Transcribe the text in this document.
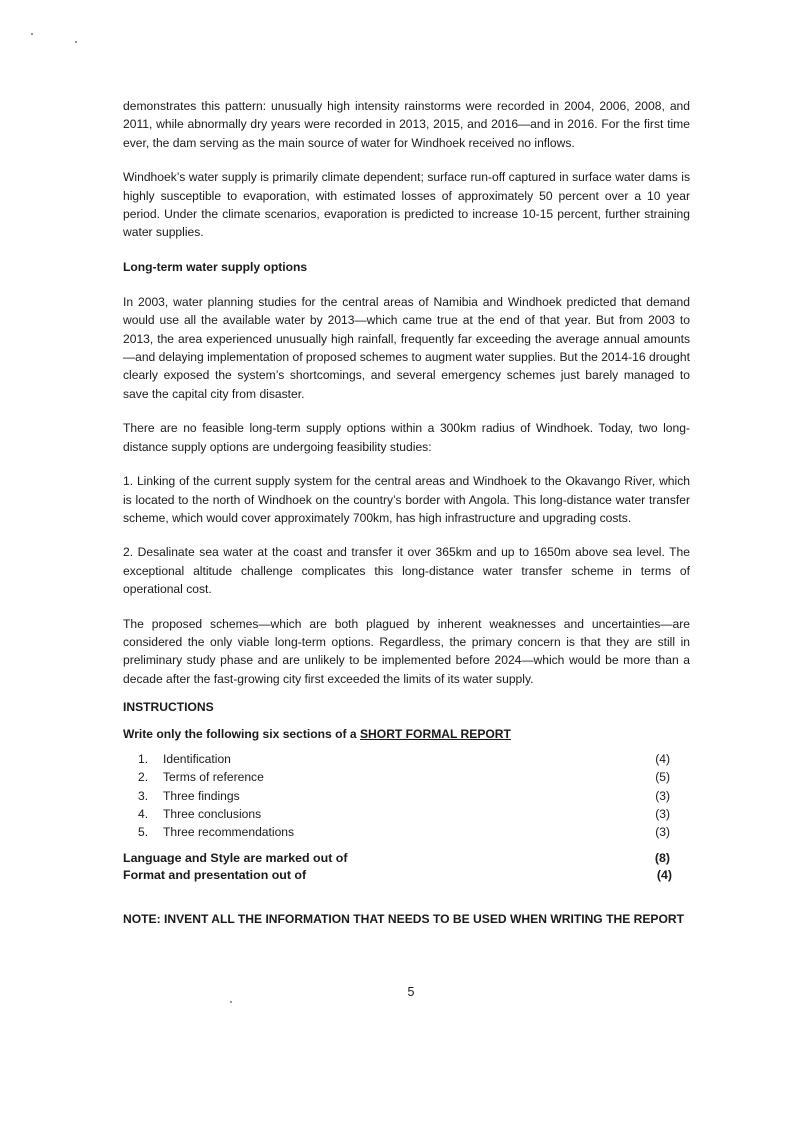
demonstrates this pattern: unusually high intensity rainstorms were recorded in 2004, 2006, 2008, and 2011, while abnormally dry years were recorded in 2013, 2015, and 2016—and in 2016. For the first time ever, the dam serving as the main source of water for Windhoek received no inflows.

Windhoek’s water supply is primarily climate dependent; surface run-off captured in surface water dams is highly susceptible to evaporation, with estimated losses of approximately 50 percent over a 10 year period. Under the climate scenarios, evaporation is predicted to increase 10-15 percent, further straining water supplies.

Long-term water supply options

In 2003, water planning studies for the central areas of Namibia and Windhoek predicted that demand would use all the available water by 2013—which came true at the end of that year. But from 2003 to 2013, the area experienced unusually high rainfall, frequently far exceeding the average annual amounts—and delaying implementation of proposed schemes to augment water supplies. But the 2014-16 drought clearly exposed the system’s shortcomings, and several emergency schemes just barely managed to save the capital city from disaster.

There are no feasible long-term supply options within a 300km radius of Windhoek. Today, two long-distance supply options are undergoing feasibility studies:

1. Linking of the current supply system for the central areas and Windhoek to the Okavango River, which is located to the north of Windhoek on the country’s border with Angola. This long-distance water transfer scheme, which would cover approximately 700km, has high infrastructure and upgrading costs.

2. Desalinate sea water at the coast and transfer it over 365km and up to 1650m above sea level. The exceptional altitude challenge complicates this long-distance water transfer scheme in terms of operational cost.

The proposed schemes—which are both plagued by inherent weaknesses and uncertainties—are considered the only viable long-term options. Regardless, the primary concern is that they are still in preliminary study phase and are unlikely to be implemented before 2024—which would be more than a decade after the fast-growing city first exceeded the limits of its water supply.

INSTRUCTIONS
Write only the following six sections of a SHORT FORMAL REPORT
1.	Identification	(4)
2.	Terms of reference	(5)
3.	Three findings	(3)
4.	Three conclusions	(3)
5.	Three recommendations	(3)
Language and Style are marked out of	(8)
Format and presentation out of	(4)
NOTE: INVENT ALL THE INFORMATION THAT NEEDS TO BE USED WHEN WRITING THE REPORT
5
